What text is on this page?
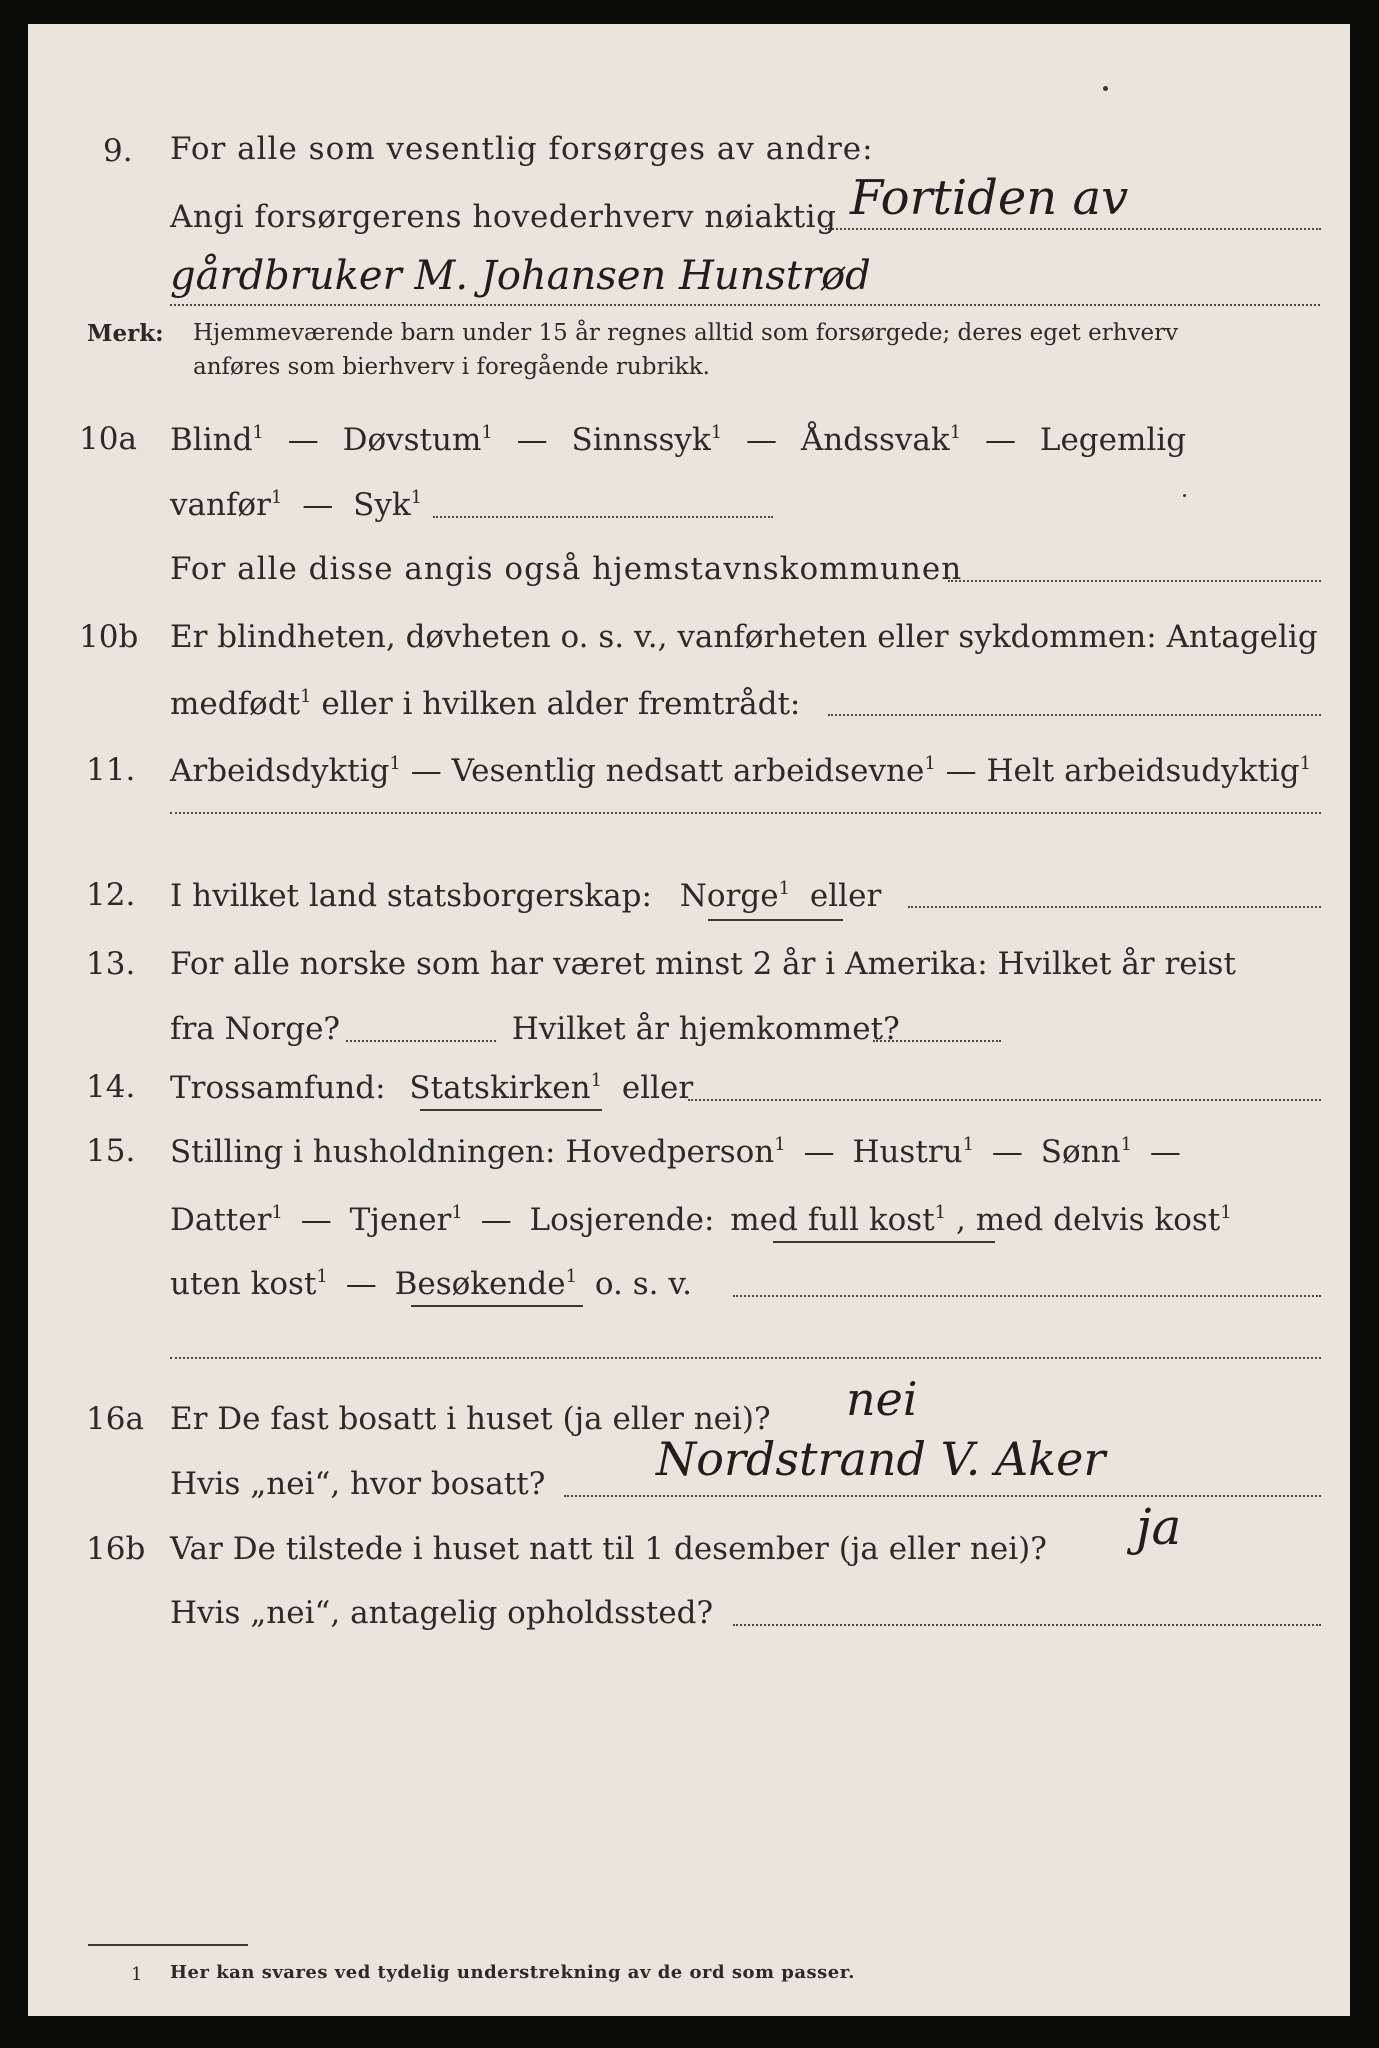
9. For alle som vesentlig forsørges av andre:
Angi forsørgerens hovederhverv nøiaktig Fortiden av
gårdbruker M. Johansen Hunstrød
Merk: Hjemmeværende barn under 15 år regnes alltid som forsørgede; deres eget erhverv
anføres som bierhverv i foregående rubrikk.
10a Blind$^1$ — Døvstum$^1$ — Sinnssyk$^1$ — Åndssvak$^1$ — Legemlig
vanfør$^1$ — Syk$^1$
For alle disse angis også hjemstavnskommunen
10b Er blindheten, døvheten o. s. v., vanførheten eller sykdommen: Antagelig
medfødt$^1$ eller i hvilken alder fremtrådt:
11. Arbeidsdyktig$^1$ — Vesentlig nedsatt arbeidsevne$^1$ — Helt arbeidsudyktig$^1$
12. I hvilket land statsborgerskap: Norge$^1$ eller
13. For alle norske som har været minst 2 år i Amerika: Hvilket år reist
fra Norge?	Hvilket år hjemkommet?
14. Trossamfund: Statskirken$^1$ eller
15. Stilling i husholdningen: Hovedperson$^1$ — Hustru$^1$ — Sønn$^1$ —
Datter$^1$ — Tjener$^1$ — Losjerende: med full kost$^1$ , med delvis kost$^1$
uten kost$^1$ — Besøkende$^1$ o. s. v.
16a Er De fast bosatt i huset (ja eller nei)? nei
Hvis „nei“, hvor bosatt? Nordstrand V. Aker
16b Var De tilstede i huset natt til 1 desember (ja eller nei)? ja
Hvis „nei“, antagelig opholdssted?
1 Her kan svares ved tydelig understrekning av de ord som passer.
